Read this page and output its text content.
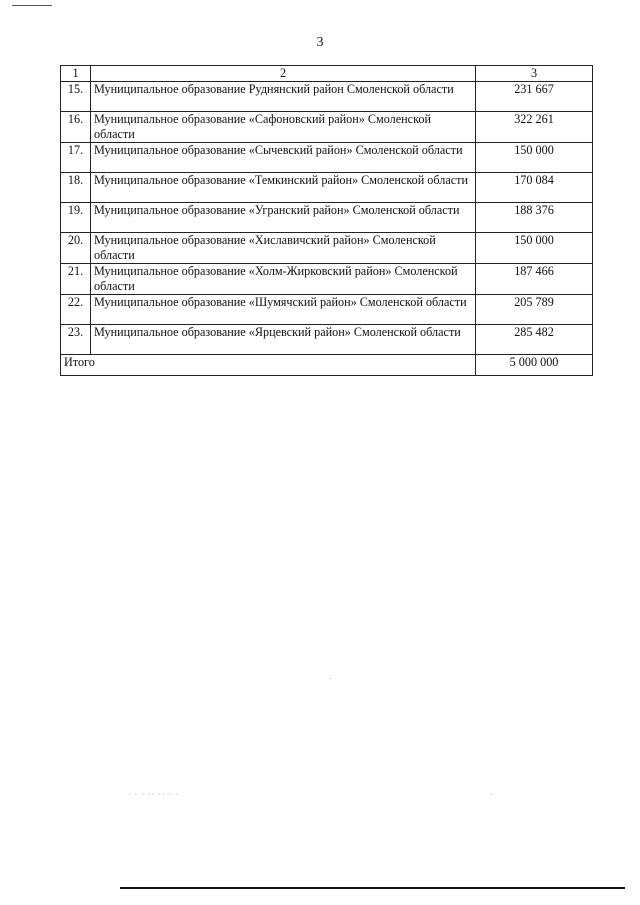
3
1	2	3
15.	Муниципальное образование Руднянский район Смоленской области	231 667
16.	Муниципальное образование «Сафоновский район» Смоленской области	322 261
17.	Муниципальное образование «Сычевский район» Смоленской области	150 000
18.	Муниципальное образование «Темкинский район» Смоленской области	170 084
19.	Муниципальное образование «Угранский район» Смоленской области	188 376
20.	Муниципальное образование «Хиславичский район» Смоленской области	150 000
21.	Муниципальное образование «Холм-Жирковский район» Смоленской области	187 466
22.	Муниципальное образование «Шумячский район» Смоленской области	205 789
23.	Муниципальное образование «Ярцевский район» Смоленской области	285 482
Итого		5 000 000
· · · ·· ·· · ·	·
